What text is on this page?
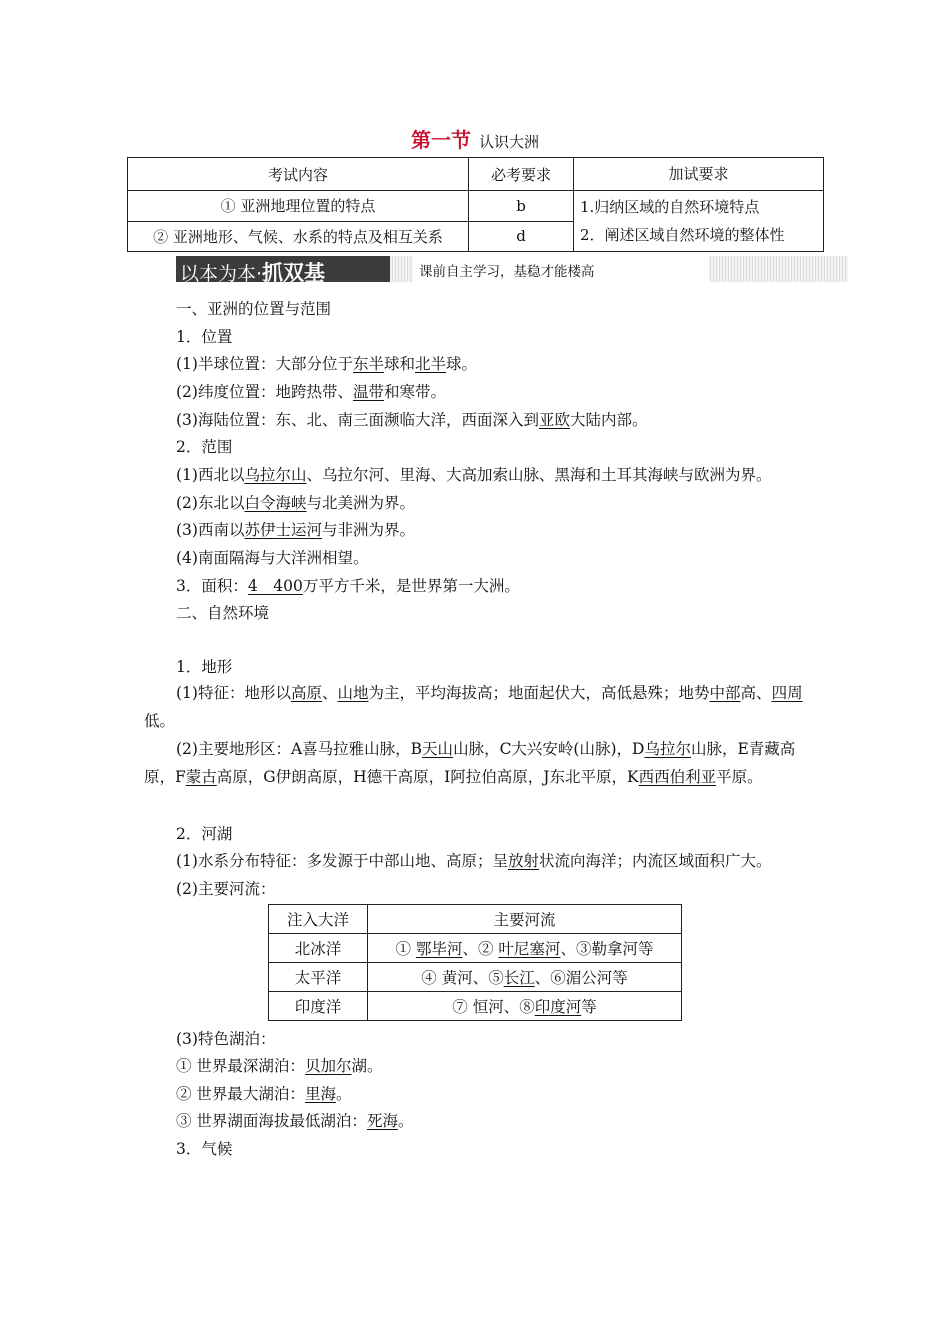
第一节 认识大洲
考试内容	必考要求	加试要求
① 亚洲地理位置的特点	b	1.归纳区域的自然环境特点
2．阐述区域自然环境的整体性

② 亚洲地形、气候、水系的特点及相互关系	d	
以本为本·抓双基	课前自主学习，基稳才能楼高
一、亚洲的位置与范围
1．位置
(1)半球位置：大部分位于东半球和北半球。
(2)纬度位置：地跨热带、温带和寒带。
(3)海陆位置：东、北、南三面濒临大洋，西面深入到亚欧大陆内部。
2．范围
(1)西北以乌拉尔山、乌拉尔河、里海、大高加索山脉、黑海和土耳其海峡与欧洲为界。
(2)东北以白令海峡与北美洲为界。
(3)西南以苏伊士运河与非洲为界。
(4)南面隔海与大洋洲相望。
3．面积：4　400万平方千米，是世界第一大洲。
二、自然环境
1．地形
(1)特征：地形以高原、山地为主，平均海拔高；地面起伏大，高低悬殊；地势中部高、四周低。
(2)主要地形区：A喜马拉雅山脉，B天山山脉，C大兴安岭(山脉)，D乌拉尔山脉，E青藏高原，F蒙古高原，G伊朗高原，H德干高原，I阿拉伯高原，J东北平原，K西西伯利亚平原。
2．河湖
(1)水系分布特征：多发源于中部山地、高原；呈放射状流向海洋；内流区域面积广大。
(2)主要河流：
注入大洋	主要河流
北冰洋	① 鄂毕河、② 叶尼塞河、③勒拿河等
太平洋	④ 黄河、⑤长江、⑥湄公河等
印度洋	⑦ 恒河、⑧印度河等
(3)特色湖泊：
① 世界最深湖泊：贝加尔湖。
② 世界最大湖泊：里海。
③ 世界湖面海拔最低湖泊：死海。
3．气候
